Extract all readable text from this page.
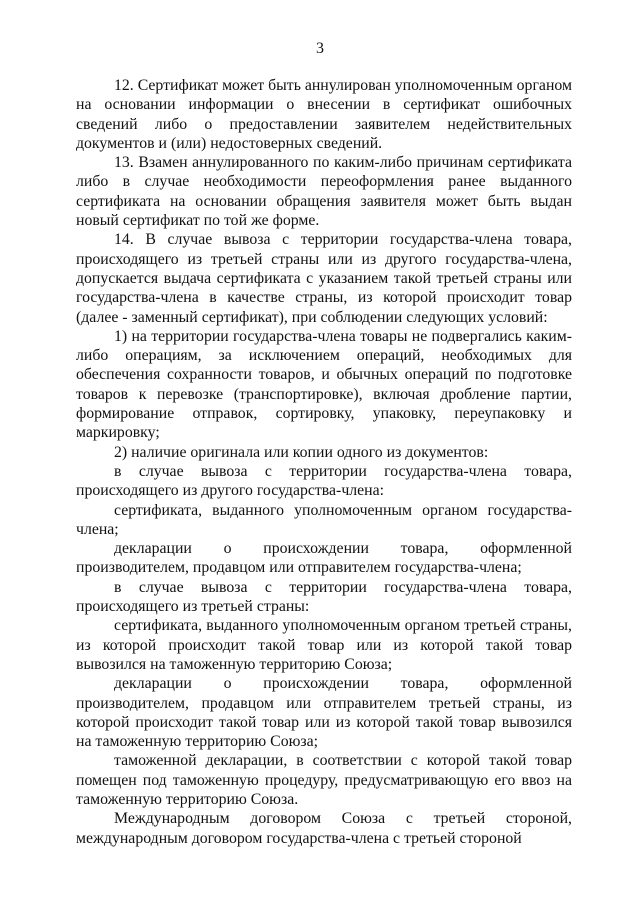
3

12. Сертификат может быть аннулирован уполномоченным органом на основании информации о внесении в сертификат ошибочных сведений либо о предоставлении заявителем недействительных документов и (или) недостоверных сведений.

13. Взамен аннулированного по каким-либо причинам сертификата либо в случае необходимости переоформления ранее выданного сертификата на основании обращения заявителя может быть выдан новый сертификат по той же форме.

14. В случае вывоза с территории государства-члена товара, происходящего из третьей страны или из другого государства-члена, допускается выдача сертификата с указанием такой третьей страны или государства-члена в качестве страны, из которой происходит товар (далее - заменный сертификат), при соблюдении следующих условий:

1) на территории государства-члена товары не подвергались каким-либо операциям, за исключением операций, необходимых для обеспечения сохранности товаров, и обычных операций по подготовке товаров к перевозке (транспортировке), включая дробление партии, формирование отправок, сортировку, упаковку, переупаковку и маркировку;

2) наличие оригинала или копии одного из документов:

в случае вывоза с территории государства-члена товара, происходящего из другого государства-члена:

сертификата, выданного уполномоченным органом государства-члена;

декларации о происхождении товара, оформленной производителем, продавцом или отправителем государства-члена;

в случае вывоза с территории государства-члена товара, происходящего из третьей страны:

сертификата, выданного уполномоченным органом третьей страны, из которой происходит такой товар или из которой такой товар вывозился на таможенную территорию Союза;

декларации о происхождении товара, оформленной производителем, продавцом или отправителем третьей страны, из которой происходит такой товар или из которой такой товар вывозился на таможенную территорию Союза;

таможенной декларации, в соответствии с которой такой товар помещен под таможенную процедуру, предусматривающую его ввоз на таможенную территорию Союза.

Международным договором Союза с третьей стороной, международным договором государства-члена с третьей стороной
